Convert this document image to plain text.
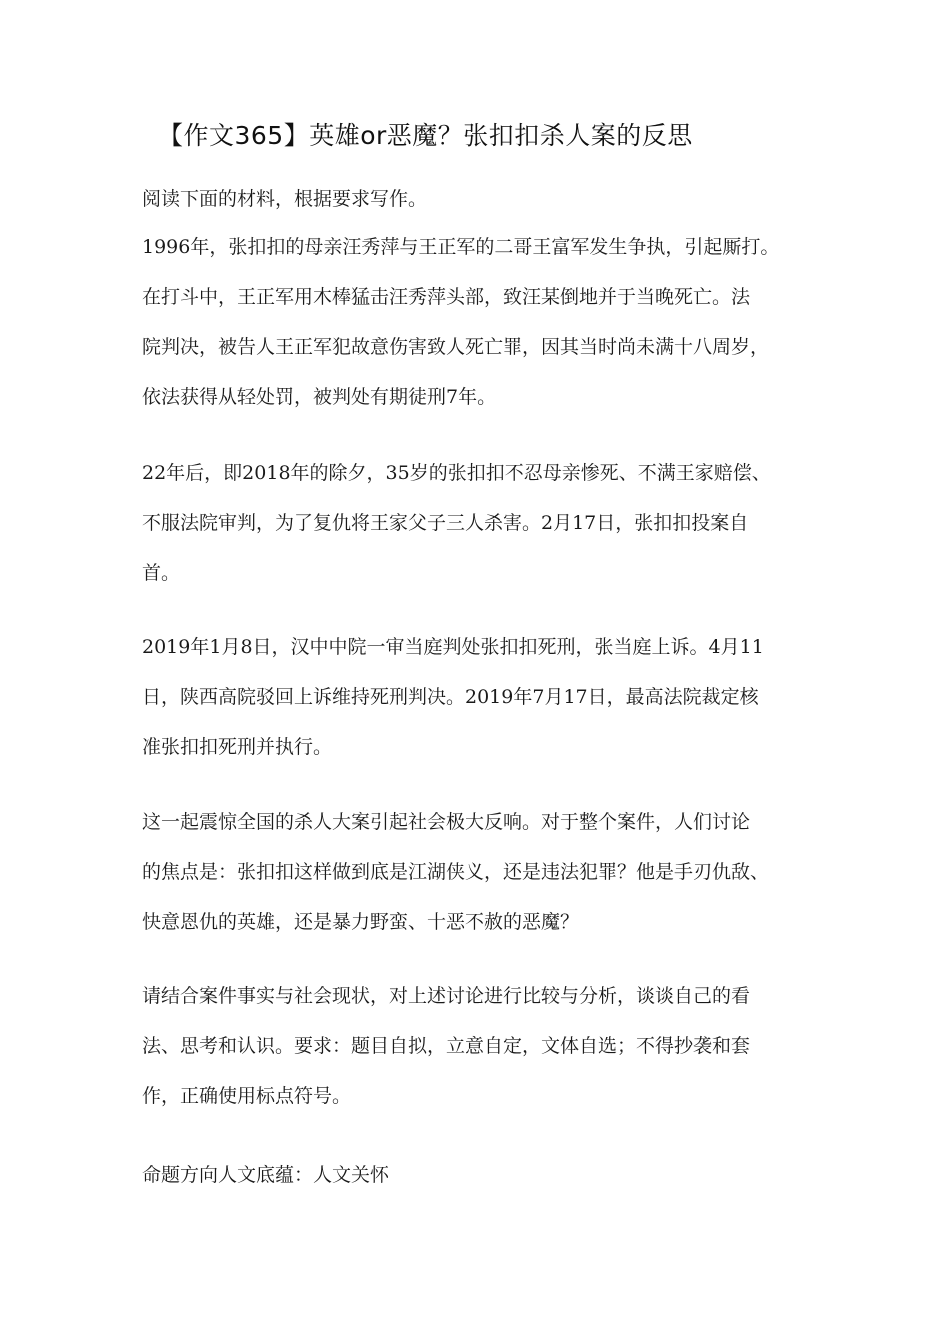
【作文365】英雄or恶魔？张扣扣杀人案的反思
阅读下面的材料，根据要求写作。
1996年，张扣扣的母亲汪秀萍与王正军的二哥王富军发生争执，引起厮打。
在打斗中，王正军用木棒猛击汪秀萍头部，致汪某倒地并于当晚死亡。法
院判决，被告人王正军犯故意伤害致人死亡罪，因其当时尚未满十八周岁，
依法获得从轻处罚，被判处有期徒刑7年。
22年后，即2018年的除夕，35岁的张扣扣不忍母亲惨死、不满王家赔偿、
不服法院审判，为了复仇将王家父子三人杀害。2月17日，张扣扣投案自
首。
2019年1月8日，汉中中院一审当庭判处张扣扣死刑，张当庭上诉。4月11
日，陕西高院驳回上诉维持死刑判决。2019年7月17日，最高法院裁定核
准张扣扣死刑并执行。
这一起震惊全国的杀人大案引起社会极大反响。对于整个案件，人们讨论
的焦点是：张扣扣这样做到底是江湖侠义，还是违法犯罪？他是手刃仇敌、
快意恩仇的英雄，还是暴力野蛮、十恶不赦的恶魔？
请结合案件事实与社会现状，对上述讨论进行比较与分析，谈谈自己的看
法、思考和认识。要求：题目自拟，立意自定，文体自选；不得抄袭和套
作，正确使用标点符号。
命题方向人文底蕴：人文关怀
